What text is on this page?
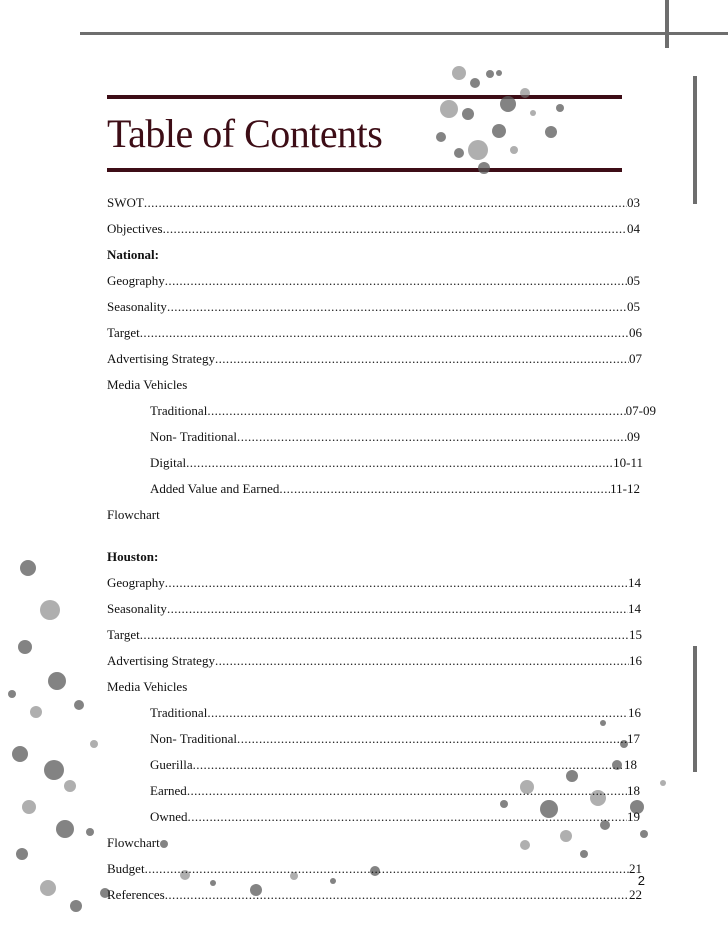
Table of Contents
SWOT .....	03
Objectives .....	04
National:
Geography .....	05
Seasonality .....	05
Target .....	06
Advertising Strategy .....	07
Media Vehicles
Traditional .....	07-09
Non- Traditional .....	09
Digital .....	10-11
Added Value and Earned .....	11-12
Flowchart
Houston:
Geography .....	14
Seasonality .....	14
Target .....	15
Advertising Strategy .....	16
Media Vehicles
Traditional .....	16
Non- Traditional .....	17
Guerilla .....	18
Earned .....	18
Owned .....	19
Flowchart
Budget .....	21
References .....	22
2
